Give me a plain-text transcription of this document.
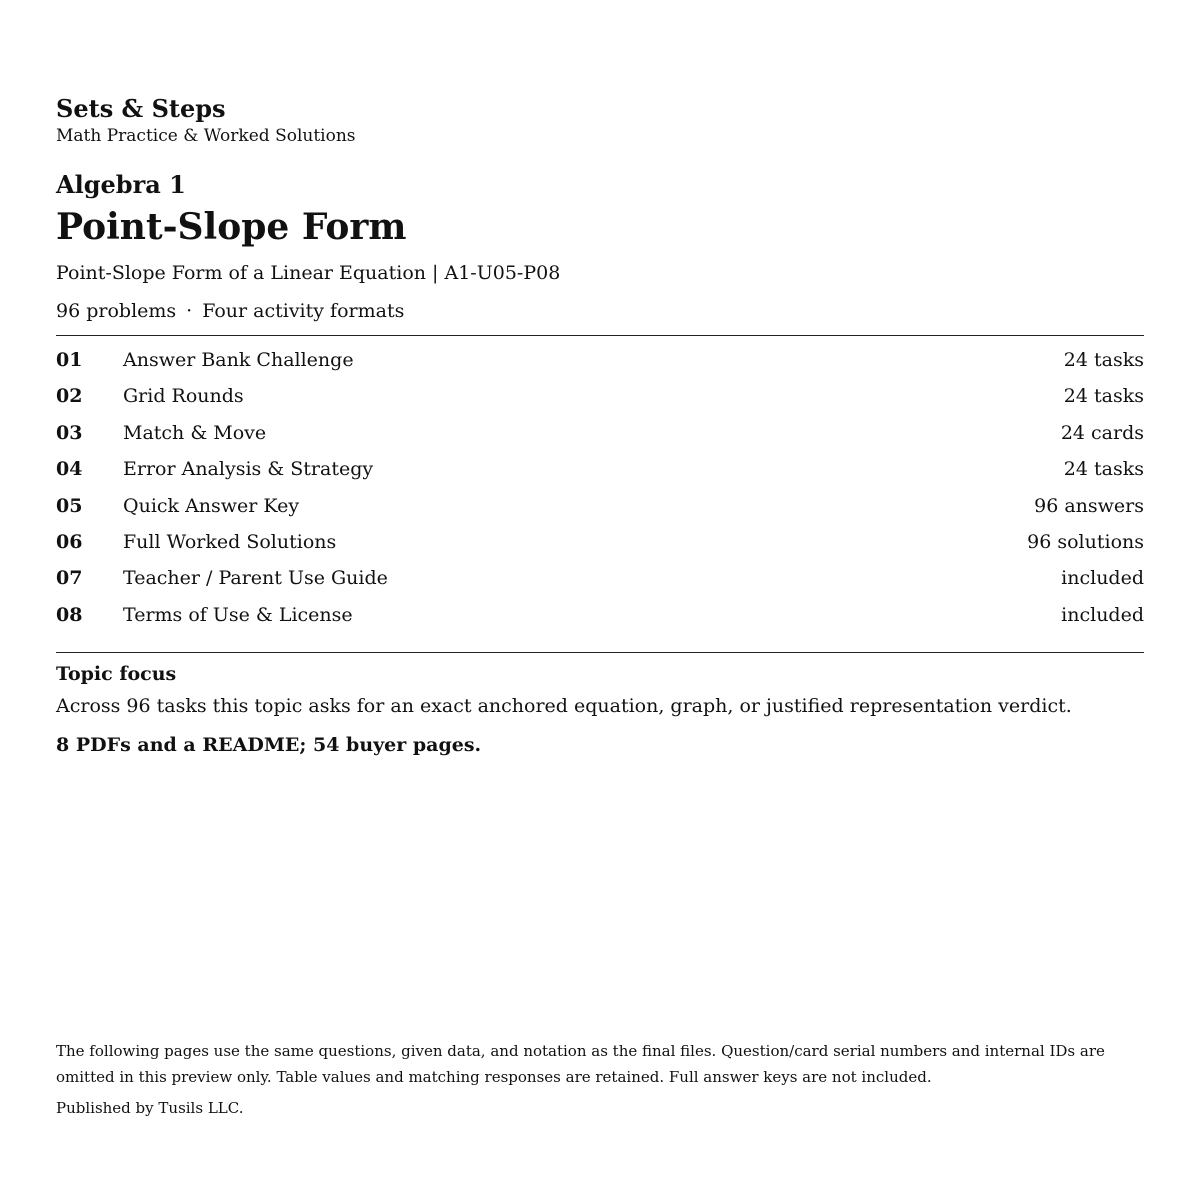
Sets & Steps
Math Practice & Worked Solutions
Algebra 1
Point-Slope Form
Point-Slope Form of a Linear Equation | A1-U05-P08
96 problems · Four activity formats
01 Answer Bank Challenge	24 tasks
02 Grid Rounds	24 tasks
03 Match & Move	24 cards
04 Error Analysis & Strategy	24 tasks
05 Quick Answer Key	96 answers
06 Full Worked Solutions	96 solutions
07 Teacher / Parent Use Guide	included
08 Terms of Use & License	included
Topic focus
Across 96 tasks this topic asks for an exact anchored equation, graph, or justified representation verdict.
8 PDFs and a README; 54 buyer pages.

The following pages use the same questions, given data, and notation as the final files. Question/card serial numbers and internal IDs are omitted in this preview only. Table values and matching responses are retained. Full answer keys are not included.

Published by Tusils LLC.
